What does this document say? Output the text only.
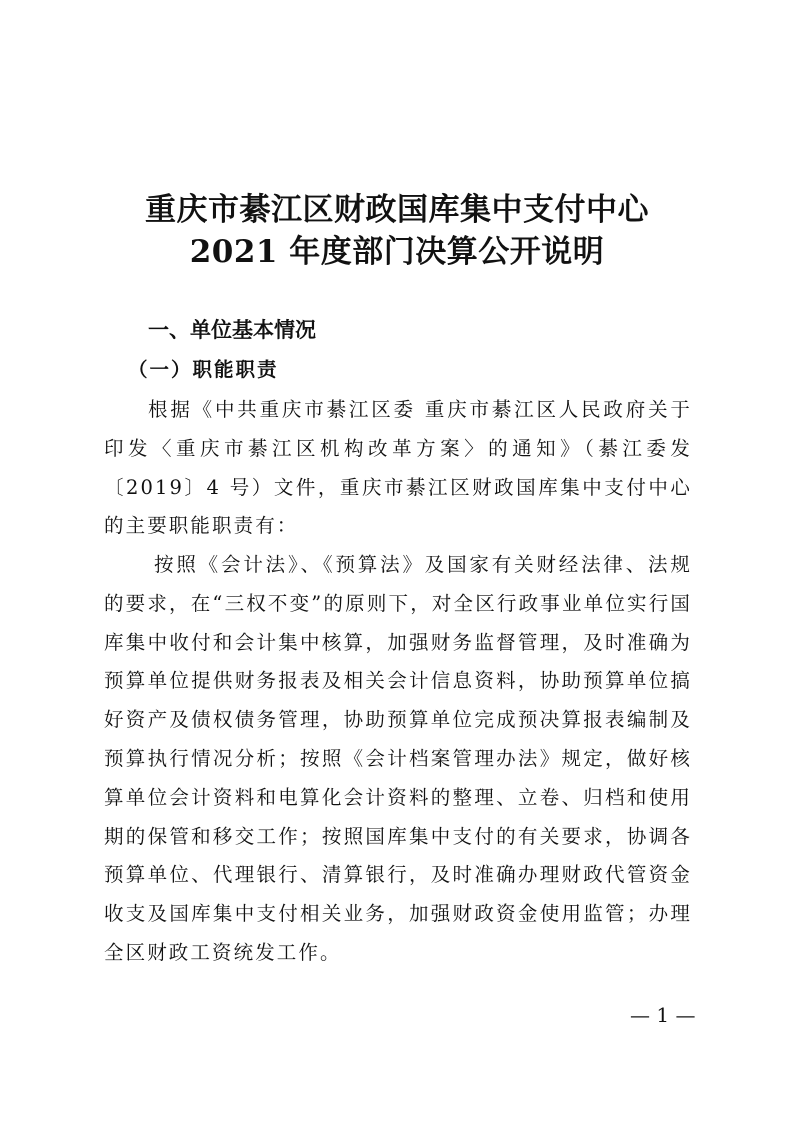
重庆市綦江区财政国库集中支付中心
2021 年度部门决算公开说明
一、单位基本情况
（一）职能职责

根据《中共重庆市綦江区委 重庆市綦江区人民政府关于印发〈重庆市綦江区机构改革方案〉的通知》（綦江委发〔2019〕4 号）文件，重庆市綦江区财政国库集中支付中心的主要职能职责有：

按照《会计法》、《预算法》及国家有关财经法律、法规的要求，在“三权不变”的原则下，对全区行政事业单位实行国库集中收付和会计集中核算，加强财务监督管理，及时准确为预算单位提供财务报表及相关会计信息资料，协助预算单位搞好资产及债权债务管理，协助预算单位完成预决算报表编制及预算执行情况分析；按照《会计档案管理办法》规定，做好核算单位会计资料和电算化会计资料的整理、立卷、归档和使用期的保管和移交工作；按照国库集中支付的有关要求，协调各预算单位、代理银行、清算银行，及时准确办理财政代管资金收支及国库集中支付相关业务，加强财政资金使用监管；办理全区财政工资统发工作。

— 1 —
